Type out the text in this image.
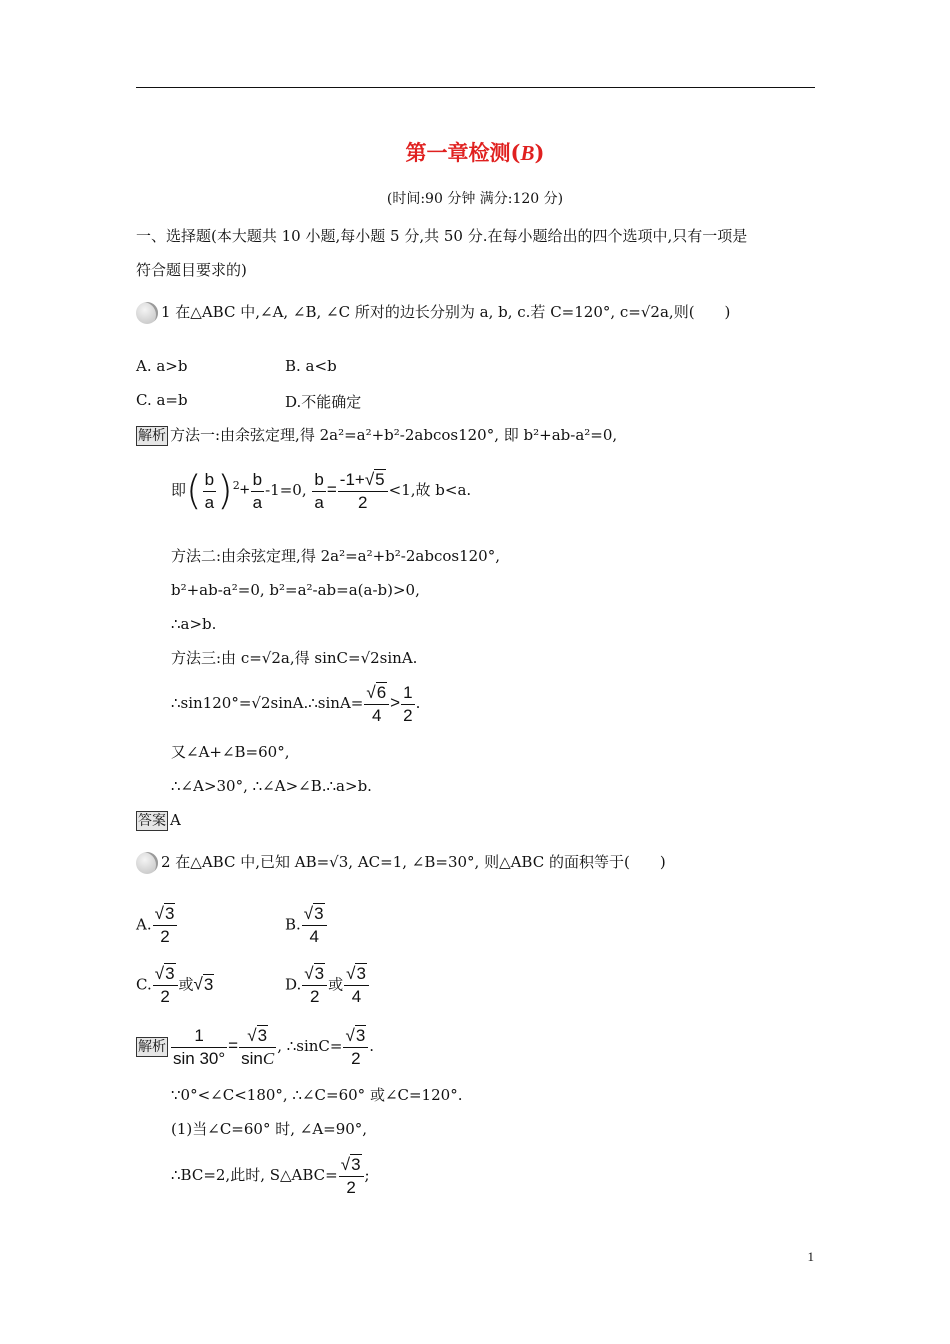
第一章检测(B)
(时间:90 分钟 满分:120 分)
一、选择题(本大题共 10 小题,每小题 5 分,共 50 分.在每小题给出的四个选项中,只有一项是
符合题目要求的)
1 在△ABC 中,∠A, ∠B, ∠C 所对的边长分别为 a, b, c.若 C=120°, c=√2a,则(　　)
A. a>b	B. a<b
C. a=b	D.不能确定
解析 方法一:由余弦定理,得 2a²=a²+b²-2abcos120°, 即 b²+ab-a²=0,
即( $\frac{b}{a} )^2+ \frac{b}{a} -1=0$, $\frac{b}{a} = \frac{-1+√5}{2} <1$,故 b<a.
方法二:由余弦定理,得 2a²=a²+b²-2abcos120°,
b²+ab-a²=0, b²=a²-ab=a(a-b)>0,
∴a>b.
方法三:由 c=√2a,得 sinC=√2sinA.
∴sin120°=√2sinA.∴sinA= $\frac{√6}{4} > \frac{1}{2}$ .
又∠A+∠B=60°,
∴∠A>30°, ∴∠A>∠B.∴a>b.
答案 A
2 在△ABC 中,已知 AB=√3, AC=1, ∠B=30°, 则△ABC 的面积等于(　　)
A. $\frac{√3}{2}$	B. $\frac{√3}{4}$
C. $\frac{√3}{2}$ 或√3	D. $\frac{√3}{2}$ 或 $\frac{√3}{4}$
解析 $\frac{1}{\sin 30^\circ} = \frac{√3}{\sin C}$ , ∴sinC= $\frac{√3}{2}$ .
∵0°<∠C<180°, ∴∠C=60° 或∠C=120°.
(1)当∠C=60° 时, ∠A=90°,
∴BC=2,此时, S△ABC= $\frac{√3}{2}$ ;
1
